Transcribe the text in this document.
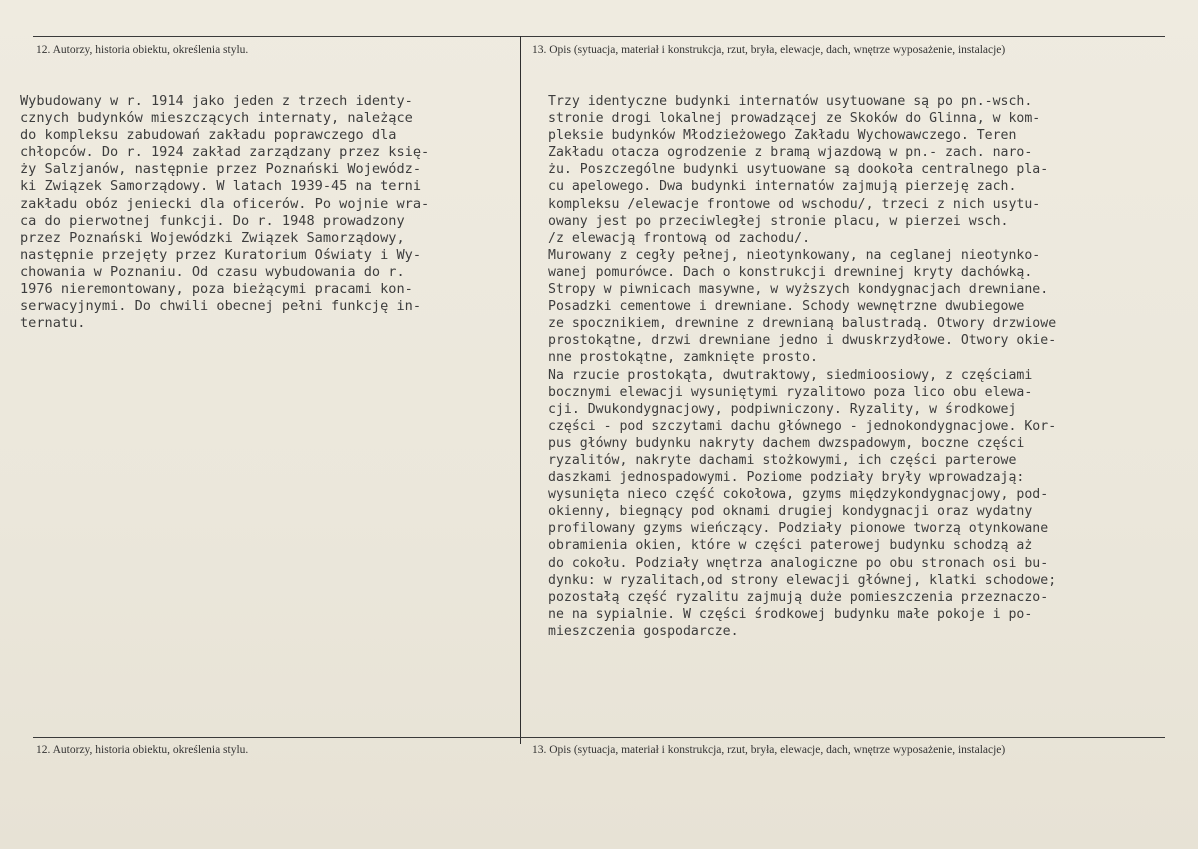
12. Autorzy, historia obiektu, określenia stylu.	13. Opis (sytuacja, materiał i konstrukcja, rzut, bryła, elewacje, dach, wnętrze wyposażenie, instalacje)
Wybudowany w r. 1914 jako jeden z trzech identy-
cznych budynków mieszczących internaty, należące
do kompleksu zabudowań zakładu poprawczego dla
chłopców. Do r. 1924 zakład zarządzany przez księ-
ży Salzjanów, następnie przez Poznański Wojewódz-
ki Związek Samorządowy. W latach 1939-45 na terni
zakładu obóz jeniecki dla oficerów. Po wojnie wra-
ca do pierwotnej funkcji. Do r. 1948 prowadzony
przez Poznański Wojewódzki Związek Samorządowy,
następnie przejęty przez Kuratorium Oświaty i Wy-
chowania w Poznaniu. Od czasu wybudowania do r.
1976 nieremontowany, poza bieżącymi pracami kon-
serwacyjnymi. Do chwili obecnej pełni funkcję in-
ternatu.
Trzy identyczne budynki internatów usytuowane są po pn.-wsch.
stronie drogi lokalnej prowadzącej ze Skoków do Glinna, w kom-
pleksie budynków Młodzieżowego Zakładu Wychowawczego. Teren
Zakładu otacza ogrodzenie z bramą wjazdową w pn.- zach. naro-
żu. Poszczególne budynki usytuowane są dookoła centralnego pla-
cu apelowego. Dwa budynki internatów zajmują pierzeję zach.
kompleksu /elewacje frontowe od wschodu/, trzeci z nich usytu-
owany jest po przeciwległej stronie placu, w pierzei wsch.
/z elewacją frontową od zachodu/.
Murowany z cegły pełnej, nieotynkowany, na ceglanej nieotynko-
wanej pomurówce. Dach o konstrukcji drewninej kryty dachówką.
Stropy w piwnicach masywne, w wyższych kondygnacjach drewniane.
Posadzki cementowe i drewniane. Schody wewnętrzne dwubiegowe
ze spocznikiem, drewnine z drewnianą balustradą. Otwory drzwiowe
prostokątne, drzwi drewniane jedno i dwuskrzydłowe. Otwory okie-
nne prostokątne, zamknięte prosto.
Na rzucie prostokąta, dwutraktowy, siedmioosiowy, z częściami
bocznymi elewacji wysuniętymi ryzalitowo poza lico obu elewa-
cji. Dwukondygnacjowy, podpiwniczony. Ryzality, w środkowej
części - pod szczytami dachu głównego - jednokondygnacjowe. Kor-
pus główny budynku nakryty dachem dwzspadowym, boczne części
ryzalitów, nakryte dachami stożkowymi, ich części parterowe
daszkami jednospadowymi. Poziome podziały bryły wprowadzają:
wysunięta nieco część cokołowa, gzyms międzykondygnacjowy, pod-
okienny, biegnący pod oknami drugiej kondygnacji oraz wydatny
profilowany gzyms wieńczący. Podziały pionowe tworzą otynkowane
obramienia okien, które w części paterowej budynku schodzą aż
do cokołu. Podziały wnętrza analogiczne po obu stronach osi bu-
dynku: w ryzalitach,od strony elewacji głównej, klatki schodowe;
pozostałą część ryzalitu zajmują duże pomieszczenia przeznaczo-
ne na sypialnie. W części środkowej budynku małe pokoje i po-
mieszczenia gospodarcze.
12. Autorzy, historia obiektu, określenia stylu.	13. Opis (sytuacja, materiał i konstrukcja, rzut, bryła, elewacje, dach, wnętrze wyposażenie, instalacje)
